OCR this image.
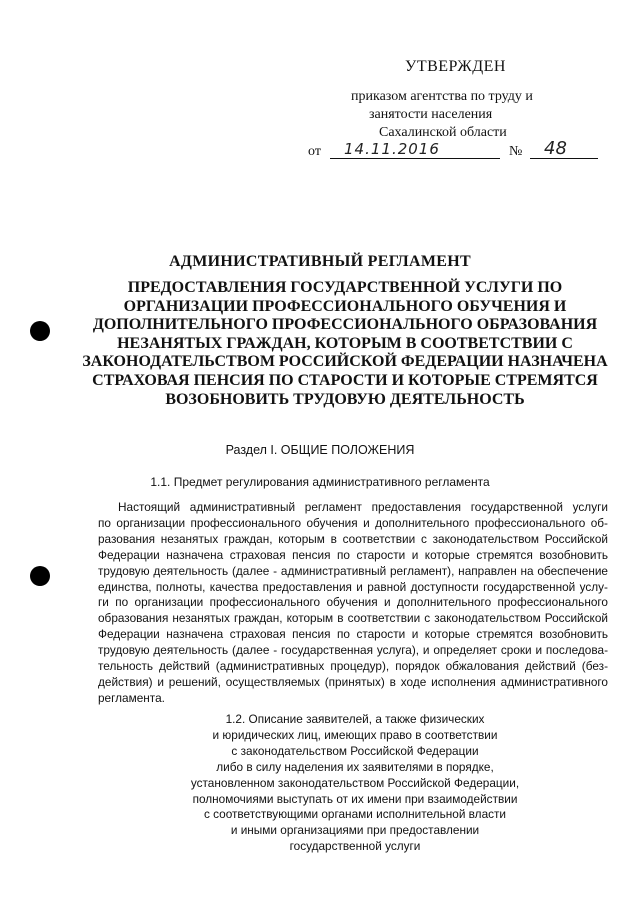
УТВЕРЖДЕН
приказом агентства по труду и
занятости населения
Сахалинской области
от 14.11.2016	№ 48
АДМИНИСТРАТИВНЫЙ РЕГЛАМЕНТ
ПРЕДОСТАВЛЕНИЯ ГОСУДАРСТВЕННОЙ УСЛУГИ ПО
ОРГАНИЗАЦИИ ПРОФЕССИОНАЛЬНОГО ОБУЧЕНИЯ И
ДОПОЛНИТЕЛЬНОГО ПРОФЕССИОНАЛЬНОГО ОБРАЗОВАНИЯ
НЕЗАНЯТЫХ ГРАЖДАН, КОТОРЫМ В СООТВЕТСТВИИ С
ЗАКОНОДАТЕЛЬСТВОМ РОССИЙСКОЙ ФЕДЕРАЦИИ НАЗНАЧЕНА
СТРАХОВАЯ ПЕНСИЯ ПО СТАРОСТИ И КОТОРЫЕ СТРЕМЯТСЯ
ВОЗОБНОВИТЬ ТРУДОВУЮ ДЕЯТЕЛЬНОСТЬ
Раздел I. ОБЩИЕ ПОЛОЖЕНИЯ
1.1. Предмет регулирования административного регламента
Настоящий административный регламент предоставления государственной услуги
по организации профессионального обучения и дополнительного профессионального об-
разования незанятых граждан, которым в соответствии с законодательством Российской
Федерации назначена страховая пенсия по старости и которые стремятся возобновить
трудовую деятельность (далее - административный регламент), направлен на обеспечение
единства, полноты, качества предоставления и равной доступности государственной услу-
ги по организации профессионального обучения и дополнительного профессионального
образования незанятых граждан, которым в соответствии с законодательством Российской
Федерации назначена страховая пенсия по старости и которые стремятся возобновить
трудовую деятельность (далее - государственная услуга), и определяет сроки и последова-
тельность действий (административных процедур), порядок обжалования действий (без-
действия) и решений, осуществляемых (принятых) в ходе исполнения административного
регламента.
1.2. Описание заявителей, а также физических
и юридических лиц, имеющих право в соответствии
с законодательством Российской Федерации
либо в силу наделения их заявителями в порядке,
установленном законодательством Российской Федерации,
полномочиями выступать от их имени при взаимодействии
с соответствующими органами исполнительной власти
и иными организациями при предоставлении
государственной услуги
